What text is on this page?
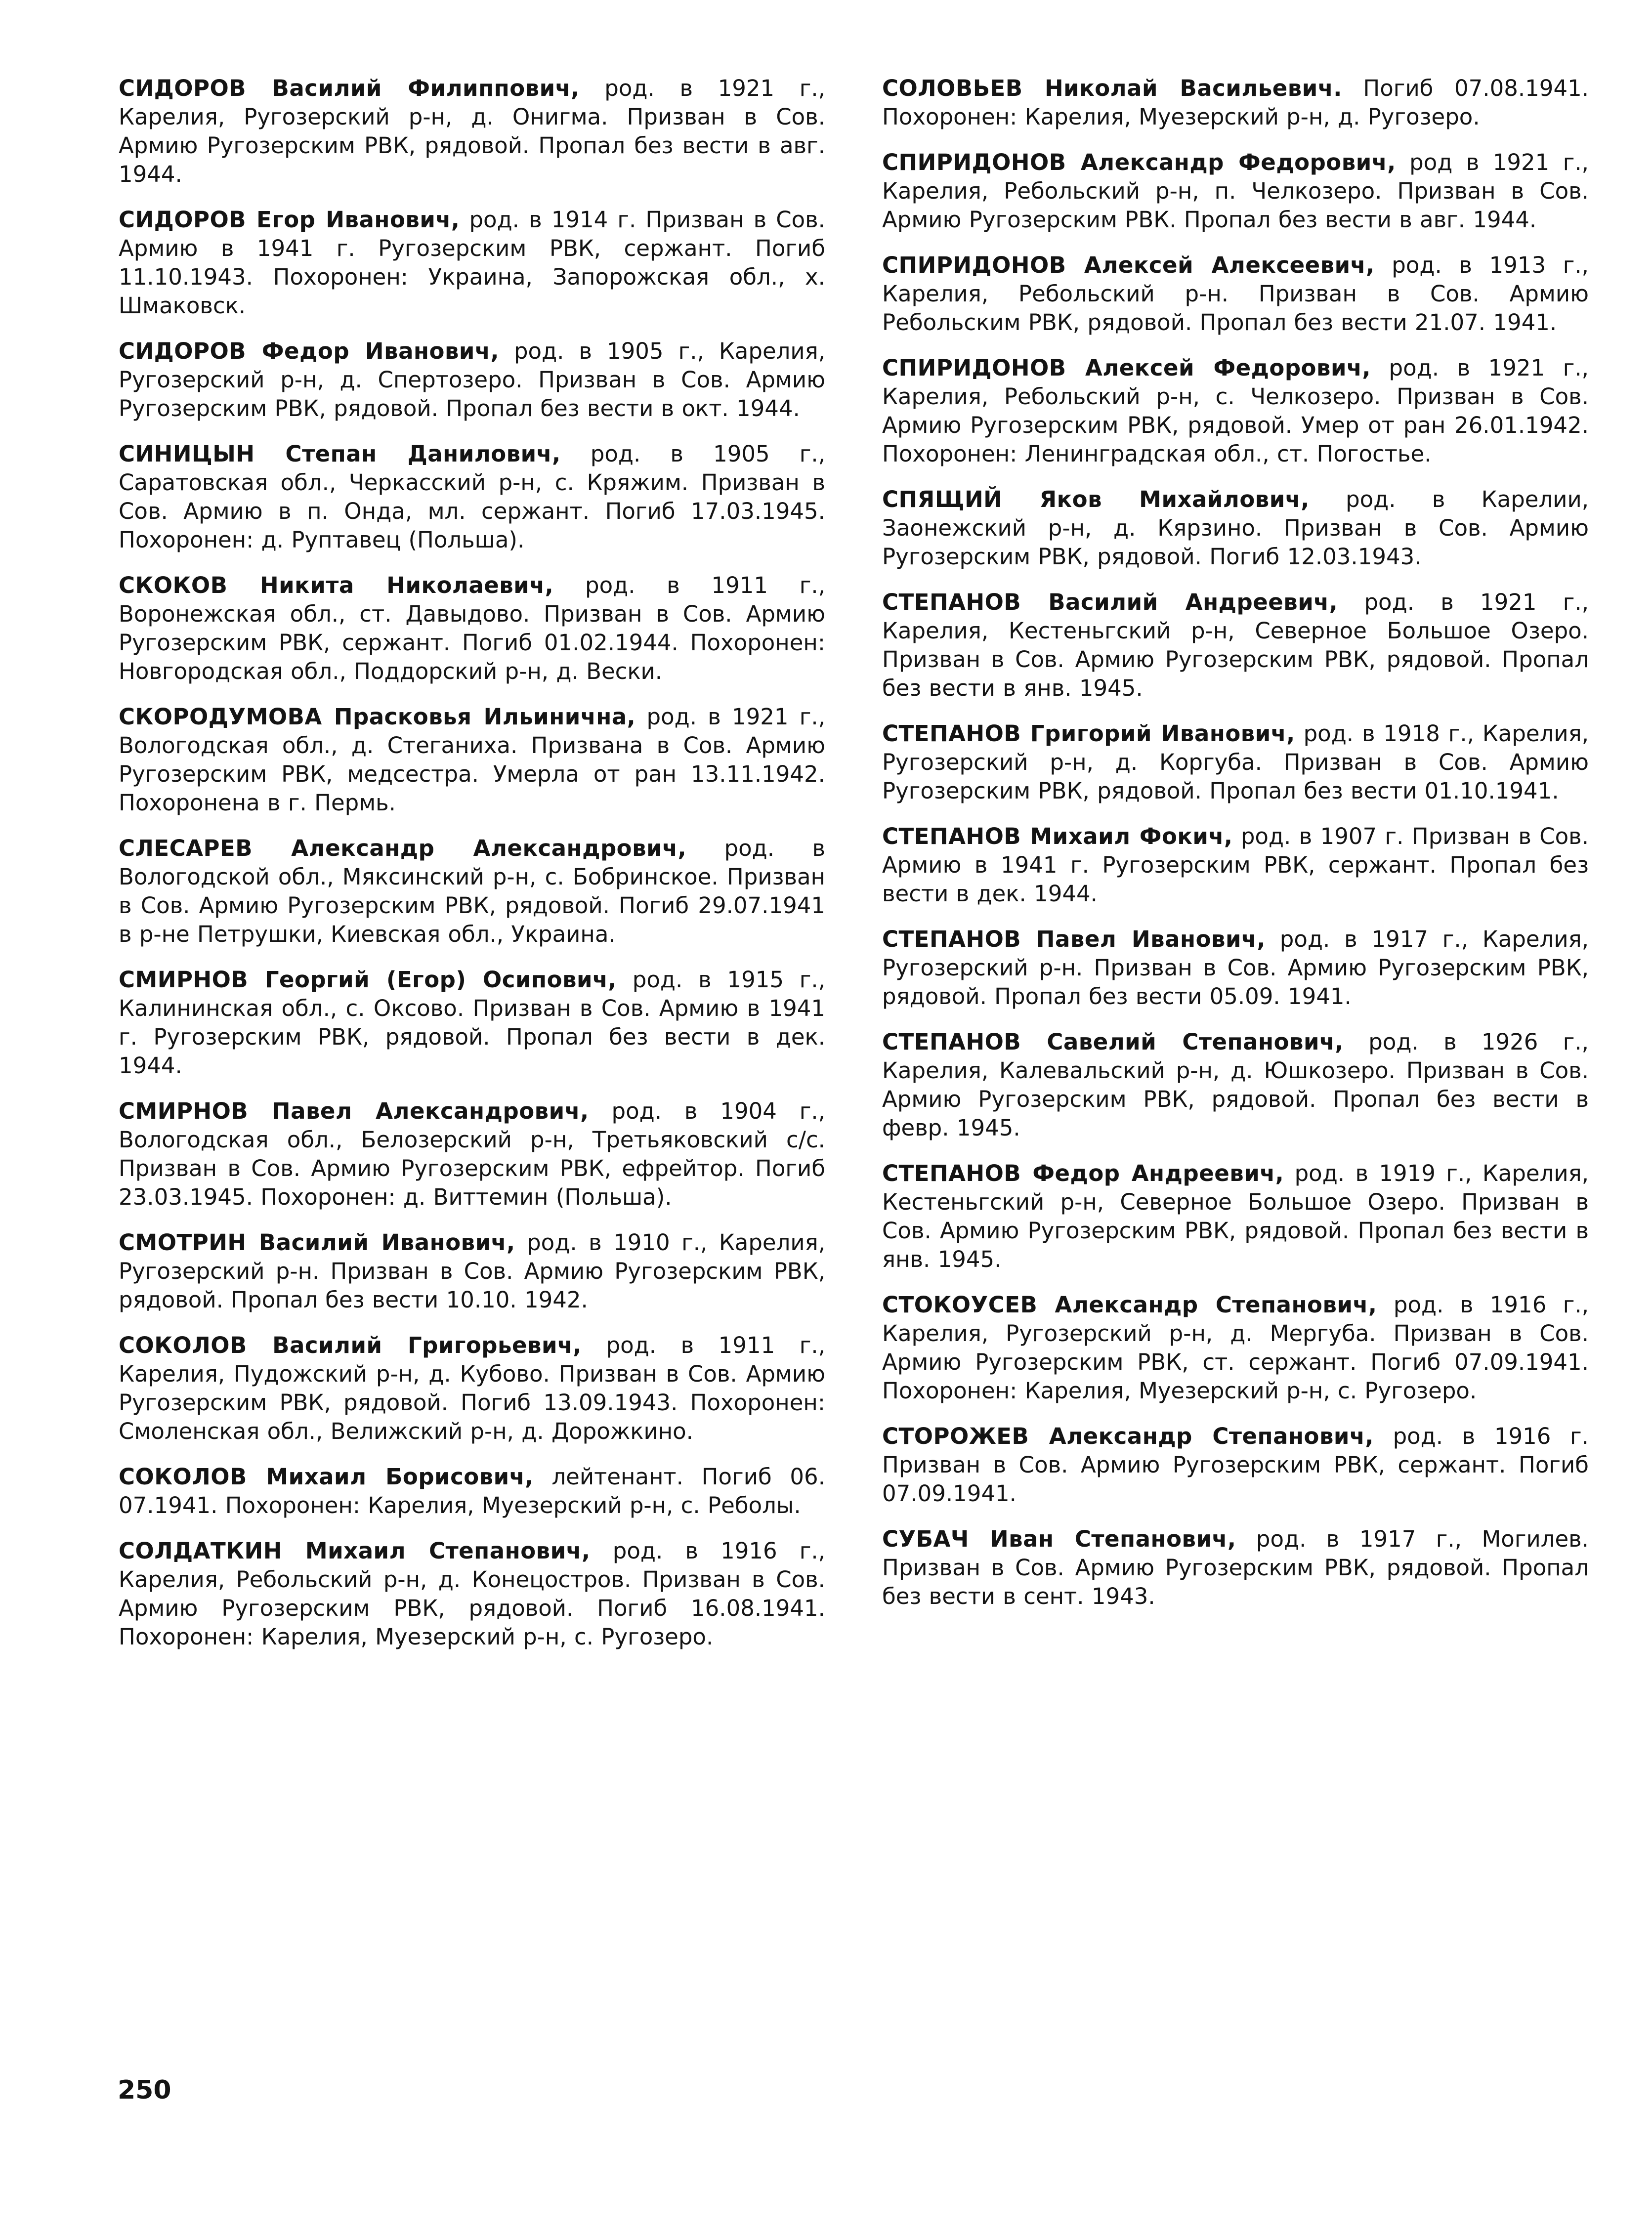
СИДОРОВ Василий Филиппович, род. в 1921 г., Карелия, Ругозерский р-н, д. Онигма. Призван в Сов. Армию Ругозерским РВК, рядовой. Пропал без вести в авг. 1944.

СИДОРОВ Егор Иванович, род. в 1914 г. Призван в Сов. Армию в 1941 г. Ругозерским РВК, сержант. Погиб 11.10.1943. Похоронен: Украина, Запорожская обл., х. Шмаковск.

СИДОРОВ Федор Иванович, род. в 1905 г., Карелия, Ругозерский р-н, д. Спертозеро. Призван в Сов. Армию Ругозерским РВК, рядовой. Пропал без вести в окт. 1944.

СИНИЦЫН Степан Данилович, род. в 1905 г., Саратовская обл., Черкасский р-н, с. Кряжим. Призван в Сов. Армию в п. Онда, мл. сержант. Погиб 17.03.1945. Похоронен: д. Руптавец (Польша).

СКОКОВ Никита Николаевич, род. в 1911 г., Воронежская обл., ст. Давыдово. Призван в Сов. Армию Ругозерским РВК, сержант. Погиб 01.02.1944. Похоронен: Новгородская обл., Поддорский р-н, д. Вески.

СКОРОДУМОВА Прасковья Ильинична, род. в 1921 г., Вологодская обл., д. Стеганиха. Призвана в Сов. Армию Ругозерским РВК, медсестра. Умерла от ран 13.11.1942. Похоронена в г. Пермь.

СЛЕСАРЕВ Александр Александрович, род. в Вологодской обл., Мяксинский р-н, с. Бобринское. Призван в Сов. Армию Ругозерским РВК, рядовой. Погиб 29.07.1941 в р-не Петрушки, Киевская обл., Украина.

СМИРНОВ Георгий (Егор) Осипович, род. в 1915 г., Калининская обл., с. Оксово. Призван в Сов. Армию в 1941 г. Ругозерским РВК, рядовой. Пропал без вести в дек. 1944.

СМИРНОВ Павел Александрович, род. в 1904 г., Вологодская обл., Белозерский р-н, Третьяковский с/с. Призван в Сов. Армию Ругозерским РВК, ефрейтор. Погиб 23.03.1945. Похоронен: д. Виттемин (Польша).

СМОТРИН Василий Иванович, род. в 1910 г., Карелия, Ругозерский р-н. Призван в Сов. Армию Ругозерским РВК, рядовой. Пропал без вести 10.10. 1942.

СОКОЛОВ Василий Григорьевич, род. в 1911 г., Карелия, Пудожский р-н, д. Кубово. Призван в Сов. Армию Ругозерским РВК, рядовой. Погиб 13.09.1943. Похоронен: Смоленская обл., Велижский р-н, д. Дорожкино.

СОКОЛОВ Михаил Борисович, лейтенант. Погиб 06. 07.1941. Похоронен: Карелия, Муезерский р-н, с. Реболы.

СОЛДАТКИН Михаил Степанович, род. в 1916 г., Карелия, Ребольский р-н, д. Конецостров. Призван в Сов. Армию Ругозерским РВК, рядовой. Погиб 16.08.1941. Похоронен: Карелия, Муезерский р-н, с. Ругозеро.

СОЛОВЬЕВ Николай Васильевич. Погиб 07.08.1941. Похоронен: Карелия, Муезерский р-н, д. Ругозеро.

СПИРИДОНОВ Александр Федорович, род в 1921 г., Карелия, Ребольский р-н, п. Челкозеро. Призван в Сов. Армию Ругозерским РВК. Пропал без вести в авг. 1944.

СПИРИДОНОВ Алексей Алексеевич, род. в 1913 г., Карелия, Ребольский р-н. Призван в Сов. Армию Ребольским РВК, рядовой. Пропал без вести 21.07. 1941.

СПИРИДОНОВ Алексей Федорович, род. в 1921 г., Карелия, Ребольский р-н, с. Челкозеро. Призван в Сов. Армию Ругозерским РВК, рядовой. Умер от ран 26.01.1942. Похоронен: Ленинградская обл., ст. Погостье.

СПЯЩИЙ Яков Михайлович, род. в Карелии, Заонежский р-н, д. Кярзино. Призван в Сов. Армию Ругозерским РВК, рядовой. Погиб 12.03.1943.

СТЕПАНОВ Василий Андреевич, род. в 1921 г., Карелия, Кестеньгский р-н, Северное Большое Озеро. Призван в Сов. Армию Ругозерским РВК, рядовой. Пропал без вести в янв. 1945.

СТЕПАНОВ Григорий Иванович, род. в 1918 г., Карелия, Ругозерский р-н, д. Коргуба. Призван в Сов. Армию Ругозерским РВК, рядовой. Пропал без вести 01.10.1941.

СТЕПАНОВ Михаил Фокич, род. в 1907 г. Призван в Сов. Армию в 1941 г. Ругозерским РВК, сержант. Пропал без вести в дек. 1944.

СТЕПАНОВ Павел Иванович, род. в 1917 г., Карелия, Ругозерский р-н. Призван в Сов. Армию Ругозерским РВК, рядовой. Пропал без вести 05.09. 1941.

СТЕПАНОВ Савелий Степанович, род. в 1926 г., Карелия, Калевальский р-н, д. Юшкозеро. Призван в Сов. Армию Ругозерским РВК, рядовой. Пропал без вести в февр. 1945.

СТЕПАНОВ Федор Андреевич, род. в 1919 г., Карелия, Кестеньгский р-н, Северное Большое Озеро. Призван в Сов. Армию Ругозерским РВК, рядовой. Пропал без вести в янв. 1945.

СТОКОУСЕВ Александр Степанович, род. в 1916 г., Карелия, Ругозерский р-н, д. Мергуба. Призван в Сов. Армию Ругозерским РВК, ст. сержант. Погиб 07.09.1941. Похоронен: Карелия, Муезерский р-н, с. Ругозеро.

СТОРОЖЕВ Александр Степанович, род. в 1916 г. Призван в Сов. Армию Ругозерским РВК, сержант. Погиб 07.09.1941.

СУБАЧ Иван Степанович, род. в 1917 г., Могилев. Призван в Сов. Армию Ругозерским РВК, рядовой. Пропал без вести в сент. 1943.

250
